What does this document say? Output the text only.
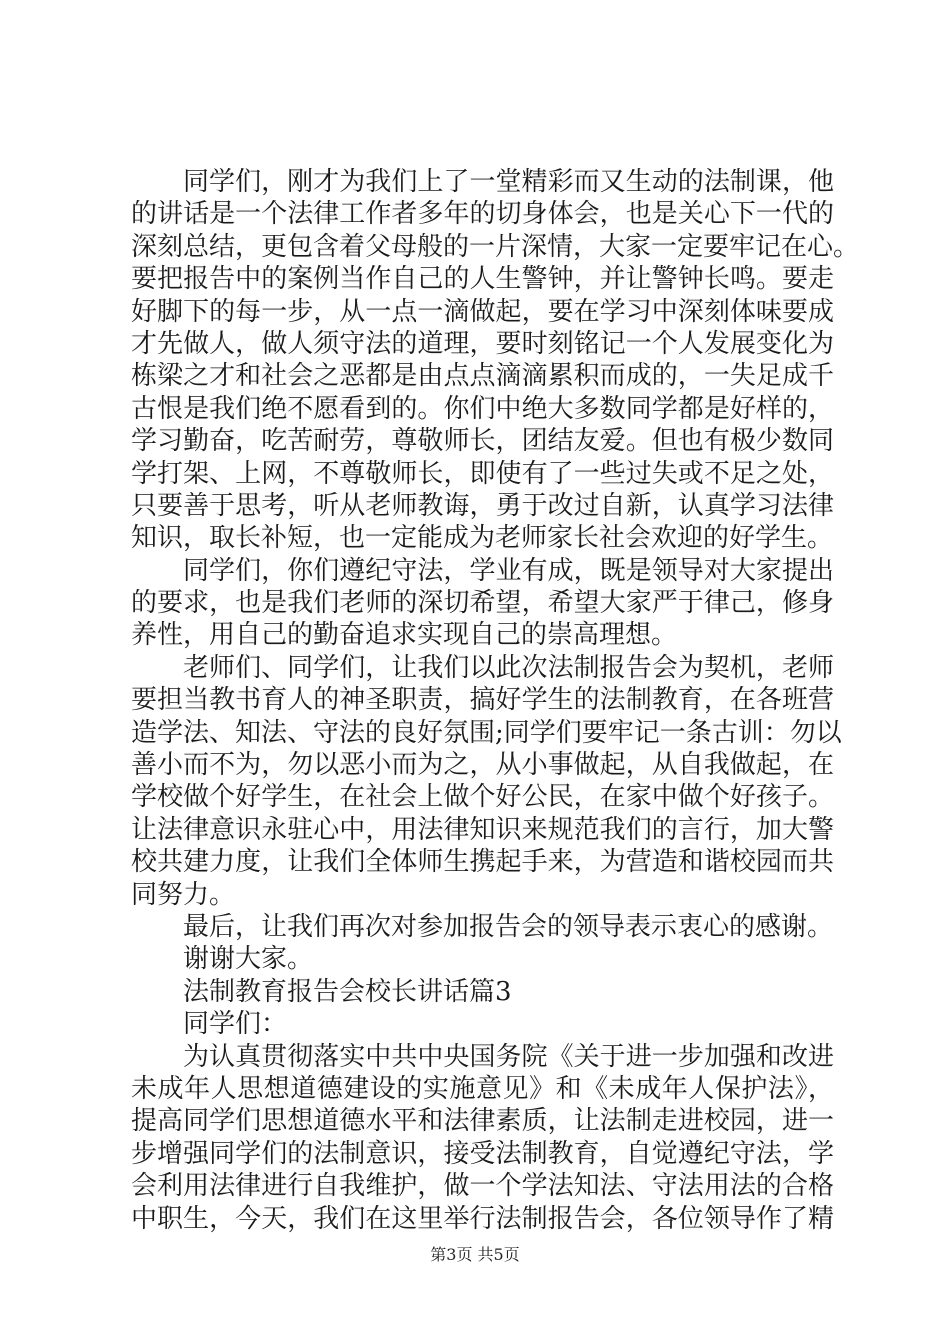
同学们，刚才为我们上了一堂精彩而又生动的法制课，他
的讲话是一个法律工作者多年的切身体会，也是关心下一代的
深刻总结，更包含着父母般的一片深情，大家一定要牢记在心。
要把报告中的案例当作自己的人生警钟，并让警钟长鸣。要走
好脚下的每一步，从一点一滴做起，要在学习中深刻体味要成
才先做人，做人须守法的道理，要时刻铭记一个人发展变化为
栋梁之才和社会之恶都是由点点滴滴累积而成的，一失足成千
古恨是我们绝不愿看到的。你们中绝大多数同学都是好样的，
学习勤奋，吃苦耐劳，尊敬师长，团结友爱。但也有极少数同
学打架、上网，不尊敬师长，即使有了一些过失或不足之处，
只要善于思考，听从老师教诲，勇于改过自新，认真学习法律
知识，取长补短，也一定能成为老师家长社会欢迎的好学生。
同学们，你们遵纪守法，学业有成，既是领导对大家提出
的要求，也是我们老师的深切希望，希望大家严于律己，修身
养性，用自己的勤奋追求实现自己的崇高理想。
老师们、同学们，让我们以此次法制报告会为契机，老师
要担当教书育人的神圣职责，搞好学生的法制教育，在各班营
造学法、知法、守法的良好氛围;同学们要牢记一条古训：勿以
善小而不为，勿以恶小而为之，从小事做起，从自我做起，在
学校做个好学生，在社会上做个好公民，在家中做个好孩子。
让法律意识永驻心中，用法律知识来规范我们的言行，加大警
校共建力度，让我们全体师生携起手来，为营造和谐校园而共
同努力。
最后，让我们再次对参加报告会的领导表示衷心的感谢。
谢谢大家。
法制教育报告会校长讲话篇3
同学们：
为认真贯彻落实中共中央国务院《关于进一步加强和改进
未成年人思想道德建设的实施意见》和《未成年人保护法》，
提高同学们思想道德水平和法律素质，让法制走进校园，进一
步增强同学们的法制意识，接受法制教育，自觉遵纪守法，学
会利用法律进行自我维护，做一个学法知法、守法用法的合格
中职生，今天，我们在这里举行法制报告会，各位领导作了精
第3页 共5页
